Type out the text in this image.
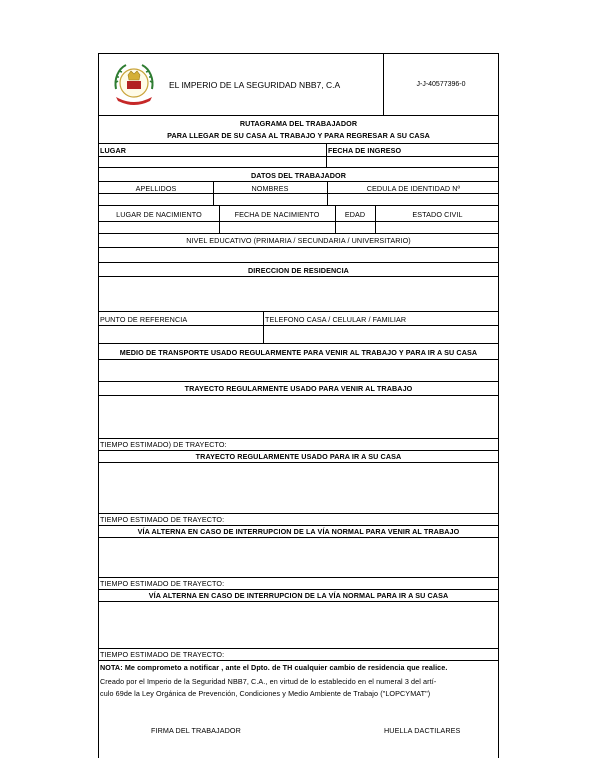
IMPERIO
EL IMPERIO DE LA SEGURIDAD NBB7, C.A	J-J-40577396-0
RUTAGRAMA DEL TRABAJADOR
PARA LLEGAR DE SU CASA AL TRABAJO Y PARA REGRESAR A SU CASA
LUGAR	FECHA DE INGRESO
DATOS DEL TRABAJADOR
APELLIDOS	NOMBRES	CEDULA DE IDENTIDAD Nº
LUGAR DE NACIMIENTO	FECHA DE NACIMIENTO	EDAD	ESTADO CIVIL
NIVEL EDUCATIVO (PRIMARIA / SECUNDARIA / UNIVERSITARIO)
DIRECCION DE RESIDENCIA
PUNTO DE REFERENCIA	TELEFONO CASA / CELULAR / FAMILIAR
MEDIO DE TRANSPORTE USADO REGULARMENTE PARA VENIR AL TRABAJO Y PARA IR A SU CASA
TRAYECTO REGULARMENTE USADO PARA VENIR AL TRABAJO
TIEMPO ESTIMADO) DE TRAYECTO:
TRAYECTO REGULARMENTE USADO PARA IR A SU CASA
TIEMPO ESTIMADO DE TRAYECTO:
VÍA ALTERNA EN CASO DE INTERRUPCION DE LA VÍA NORMAL PARA VENIR AL TRABAJO
TIEMPO ESTIMADO DE TRAYECTO:
VÍA ALTERNA EN CASO DE INTERRUPCION DE LA VÍA NORMAL PARA IR A SU CASA
TIEMPO ESTIMADO DE TRAYECTO:
NOTA: Me comprometo a notificar , ante el Dpto. de TH cualquier cambio de residencia que realice.
Creado por el Imperio de la Seguridad NBB7, C.A., en virtud de lo establecido en el numeral 3 del artí-
culo 69de la Ley Orgánica de Prevención, Condiciones y Medio Ambiente de Trabajo ("LOPCYMAT")
FIRMA DEL TRABAJADOR	HUELLA DACTILARES
